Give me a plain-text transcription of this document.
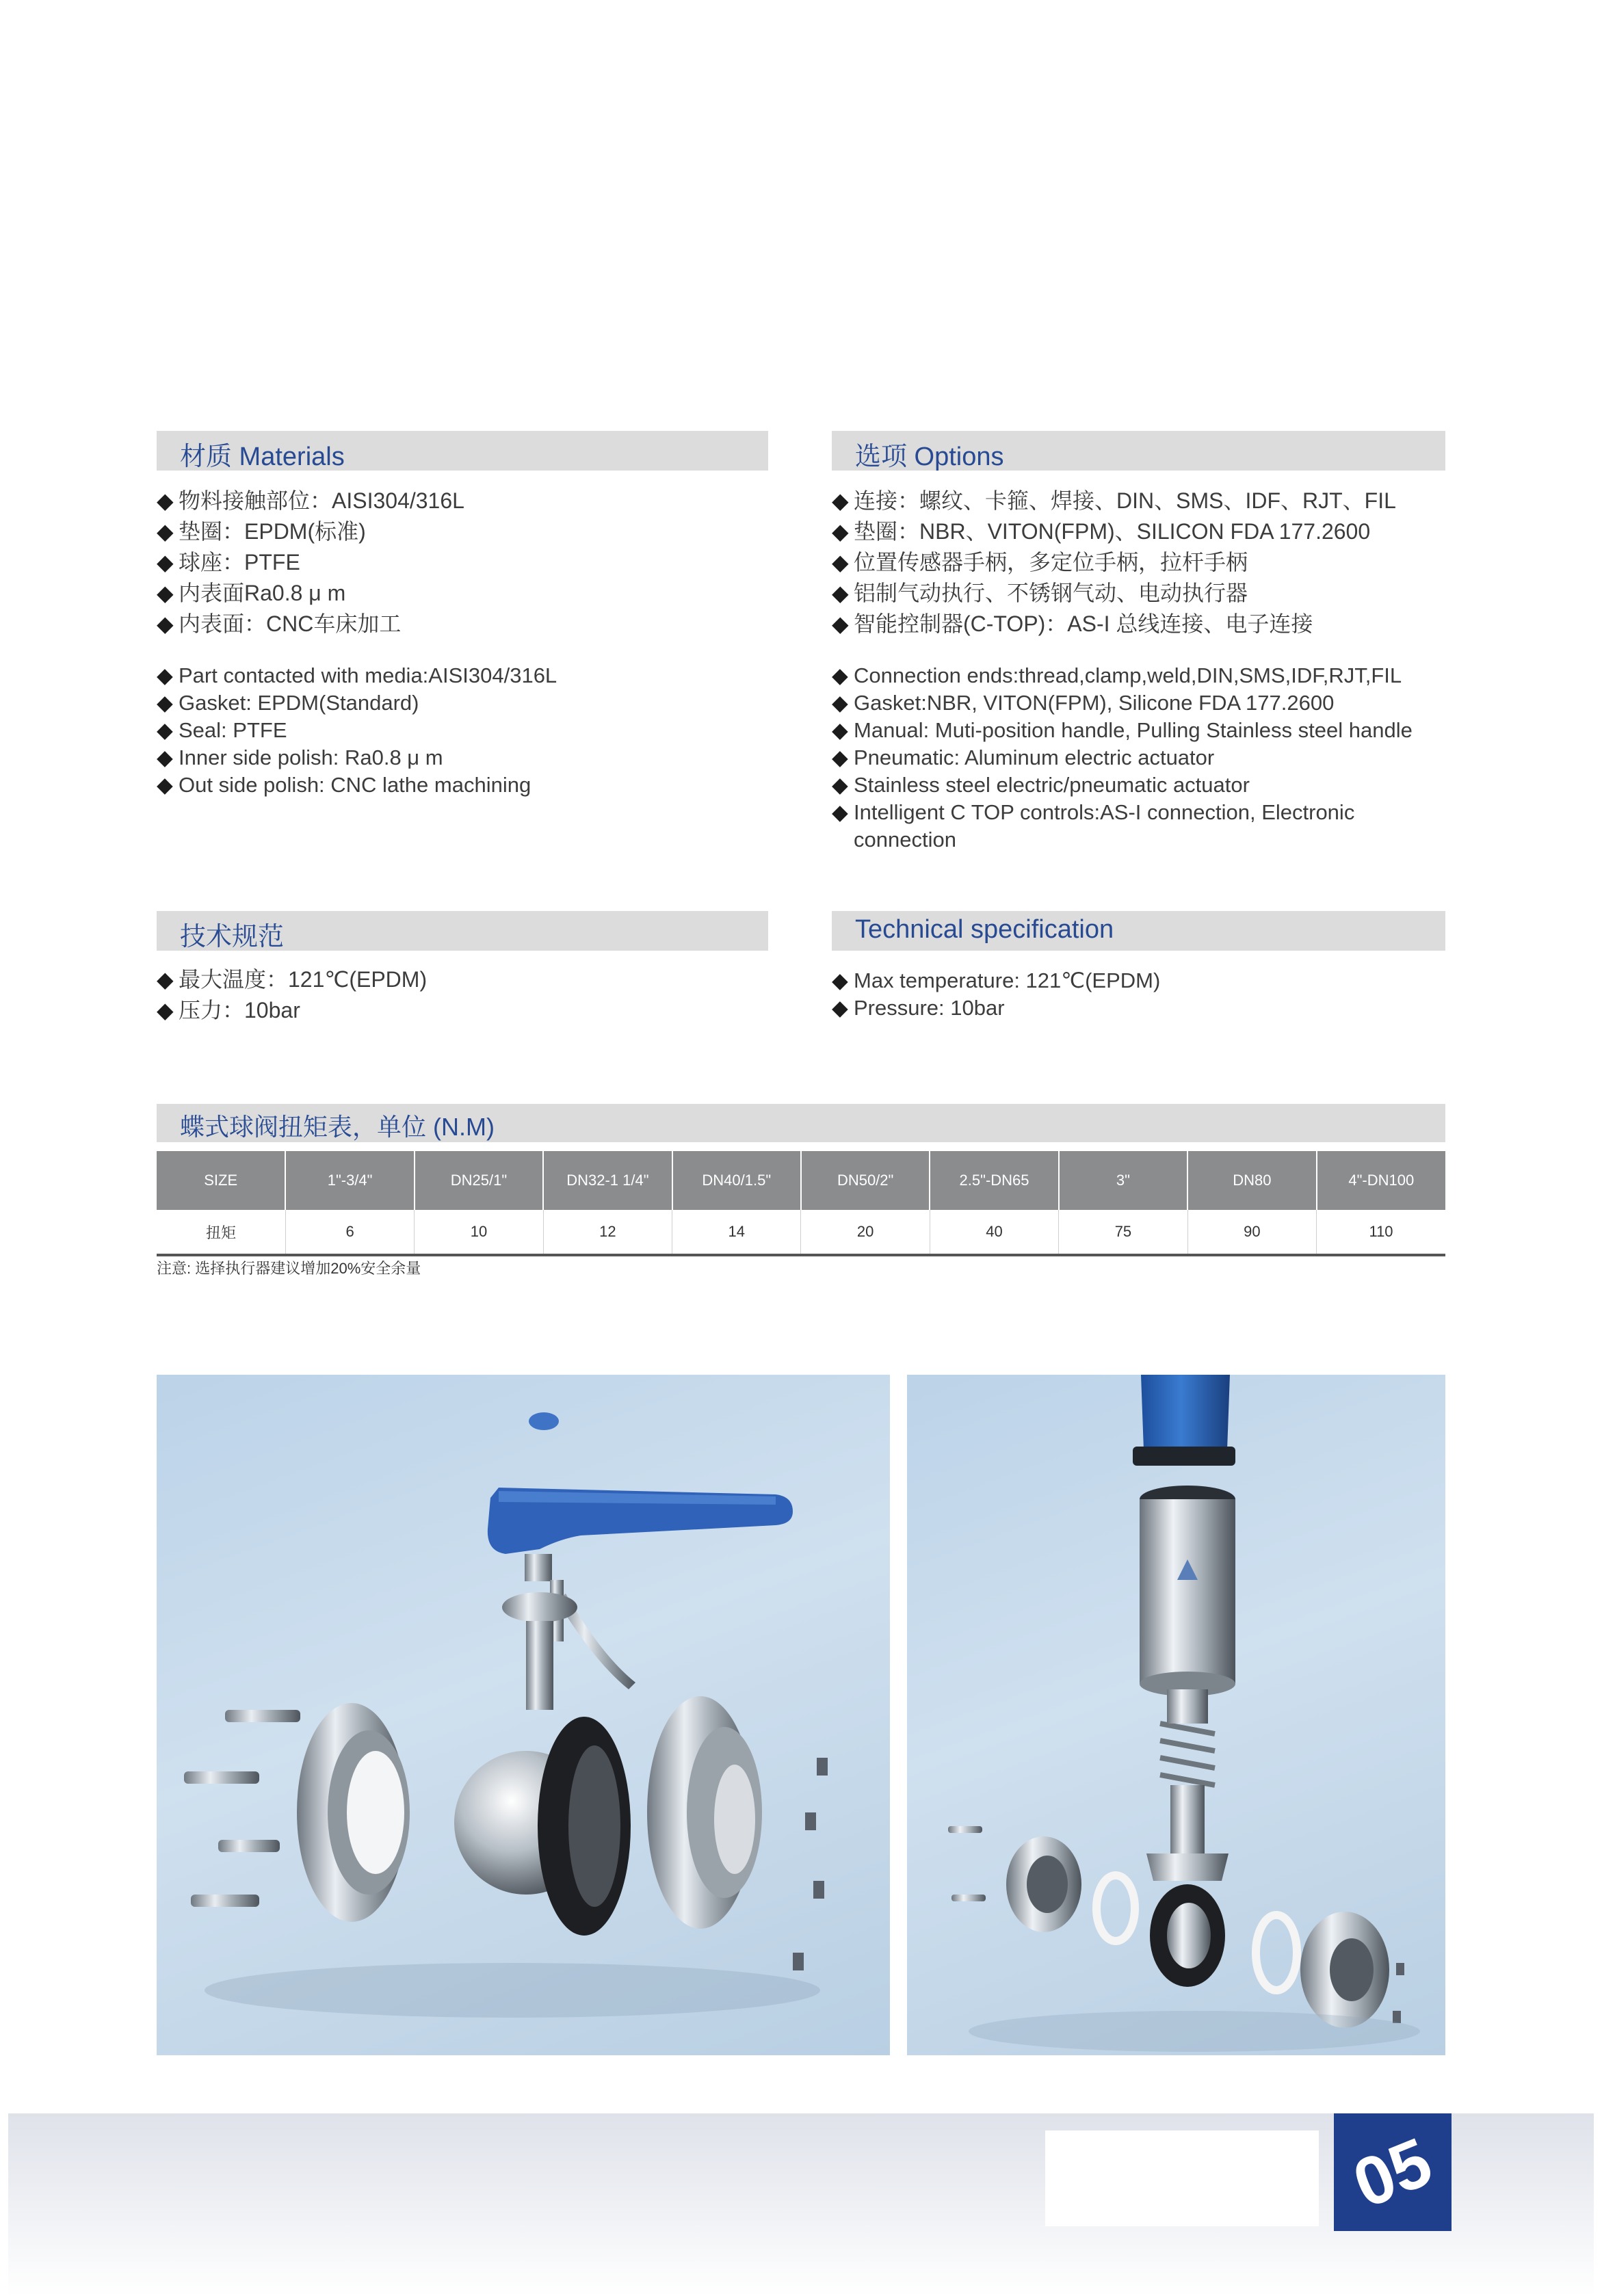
材质 Materials
◆ 物料接触部位：AISI304/316L
◆ 垫圈：EPDM(标准)
◆ 球座：PTFE
◆ 内表面Ra0.8 μ m
◆ 内表面：CNC车床加工
◆ Part contacted with media:AISI304/316L
◆ Gasket: EPDM(Standard)
◆ Seal: PTFE
◆ Inner side polish: Ra0.8 μ m
◆ Out side polish: CNC lathe machining
选项 Options
◆ 连接：螺纹、卡箍、焊接、DIN、SMS、IDF、RJT、FIL
◆ 垫圈：NBR、VITON(FPM)、SILICON FDA 177.2600
◆ 位置传感器手柄，多定位手柄，拉杆手柄
◆ 铝制气动执行、不锈钢气动、电动执行器
◆ 智能控制器(C-TOP)：AS-I 总线连接、电子连接
◆ Connection ends:thread,clamp,weld,DIN,SMS,IDF,RJT,FIL
◆ Gasket:NBR, VITON(FPM), Silicone FDA 177.2600
◆ Manual: Muti-position handle, Pulling Stainless steel handle
◆ Pneumatic: Aluminum electric actuator
◆ Stainless steel electric/pneumatic actuator
◆ Intelligent C TOP controls:AS-I connection, Electronic connection
技术规范
◆ 最大温度：121℃(EPDM)
◆ 压力：10bar
Technical specification
◆ Max temperature: 121℃(EPDM)
◆ Pressure: 10bar
蝶式球阀扭矩表，单位 (N.M)
SIZE	1"-3/4"	DN25/1"	DN32-1 1/4"	DN40/1.5"	DN50/2"	2.5"-DN65	3"	DN80	4"-DN100
扭矩	6	10	12	14	20	40	75	90	110
注意: 选择执行器建议增加20%安全余量
05
